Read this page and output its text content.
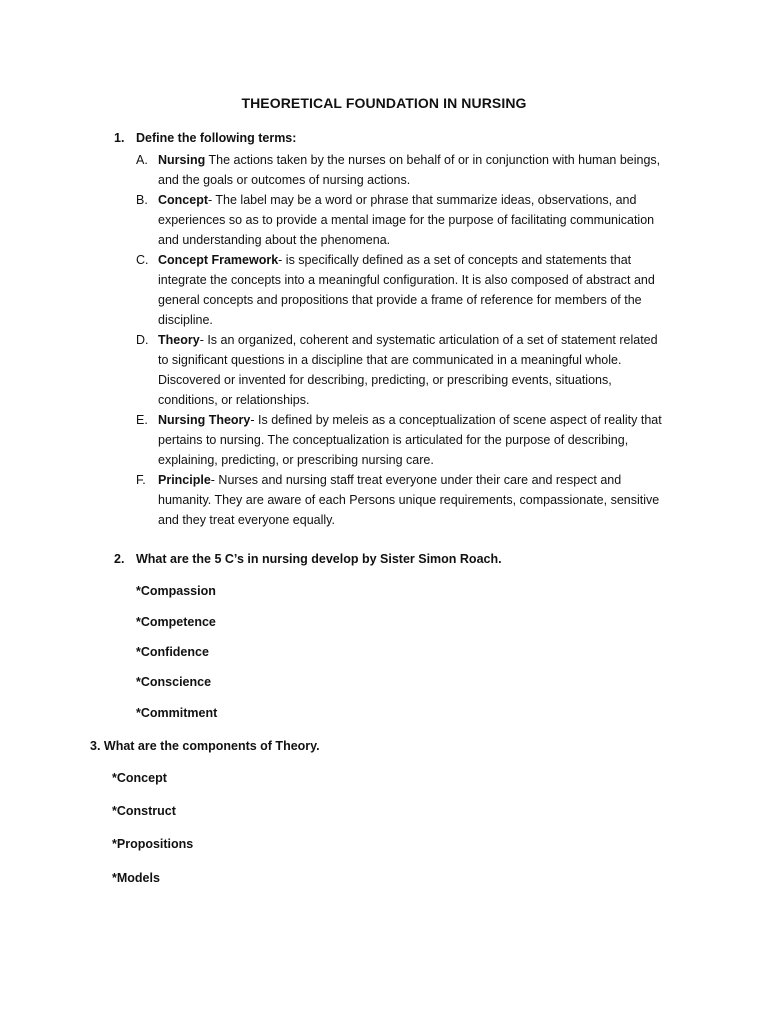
THEORETICAL FOUNDATION IN NURSING
1. Define the following terms:
A. Nursing The actions taken by the nurses on behalf of or in conjunction with human beings, and the goals or outcomes of nursing actions.
B. Concept- The label may be a word or phrase that summarize ideas, observations, and experiences so as to provide a mental image for the purpose of facilitating communication and understanding about the phenomena.
C. Concept Framework- is specifically defined as a set of concepts and statements that integrate the concepts into a meaningful configuration. It is also composed of abstract and general concepts and propositions that provide a frame of reference for members of the discipline.
D. Theory- Is an organized, coherent and systematic articulation of a set of statement related to significant questions in a discipline that are communicated in a meaningful whole. Discovered or invented for describing, predicting, or prescribing events, situations, conditions, or relationships.
E. Nursing Theory- Is defined by meleis as a conceptualization of scene aspect of reality that pertains to nursing. The conceptualization is articulated for the purpose of describing, explaining, predicting, or prescribing nursing care.
F. Principle- Nurses and nursing staff treat everyone under their care and respect and humanity. They are aware of each Persons unique requirements, compassionate, sensitive and they treat everyone equally.
2. What are the 5 C’s in nursing develop by Sister Simon Roach.
*Compassion
*Competence
*Confidence
*Conscience
*Commitment
3. What are the components of Theory.
*Concept
*Construct
*Propositions
*Models
